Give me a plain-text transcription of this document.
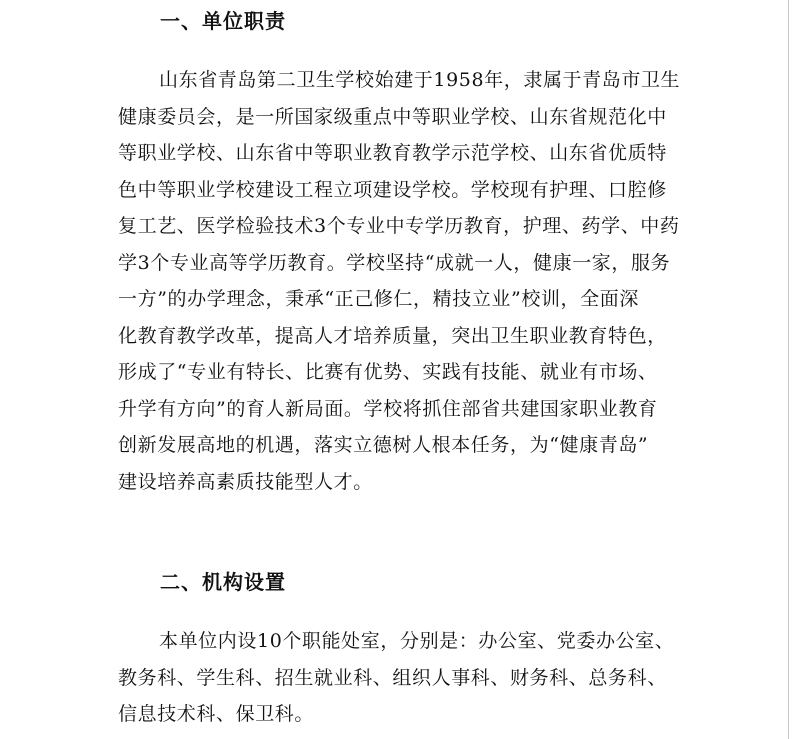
一、单位职责
山东省青岛第二卫生学校始建于1958年，隶属于青岛市卫生
健康委员会，是一所国家级重点中等职业学校、山东省规范化中
等职业学校、山东省中等职业教育教学示范学校、山东省优质特
色中等职业学校建设工程立项建设学校。学校现有护理、口腔修
复工艺、医学检验技术3个专业中专学历教育，护理、药学、中药
学3个专业高等学历教育。学校坚持“成就一人，健康一家，服务
一方”的办学理念，秉承“正己修仁，精技立业”校训，全面深
化教育教学改革，提高人才培养质量，突出卫生职业教育特色，
形成了“专业有特长、比赛有优势、实践有技能、就业有市场、
升学有方向”的育人新局面。学校将抓住部省共建国家职业教育
创新发展高地的机遇，落实立德树人根本任务，为“健康青岛”
建设培养高素质技能型人才。
二、机构设置
本单位内设10个职能处室，分别是：办公室、党委办公室、
教务科、学生科、招生就业科、组织人事科、财务科、总务科、
信息技术科、保卫科。
